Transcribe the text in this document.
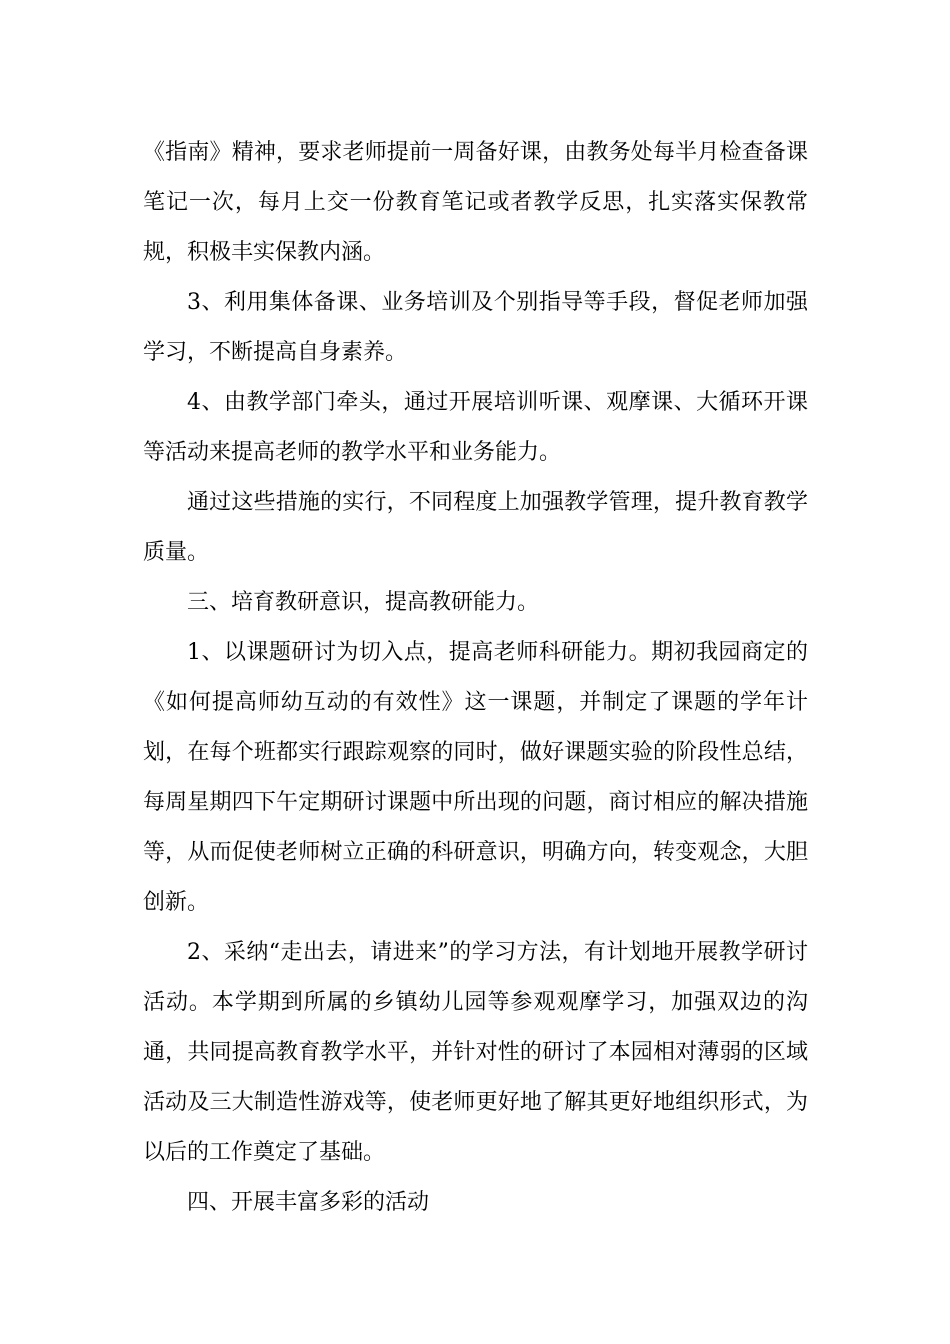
《指南》精神，要求老师提前一周备好课，由教务处每半月检查备课笔记一次，每月上交一份教育笔记或者教学反思，扎实落实保教常规，积极丰实保教内涵。

3、利用集体备课、业务培训及个别指导等手段，督促老师加强学习，不断提高自身素养。

4、由教学部门牵头，通过开展培训听课、观摩课、大循环开课等活动来提高老师的教学水平和业务能力。

通过这些措施的实行，不同程度上加强教学管理，提升教育教学质量。

三、培育教研意识，提高教研能力。

1、以课题研讨为切入点，提高老师科研能力。期初我园商定的《如何提高师幼互动的有效性》这一课题，并制定了课题的学年计划，在每个班都实行跟踪观察的同时，做好课题实验的阶段性总结，每周星期四下午定期研讨课题中所出现的问题，商讨相应的解决措施等，从而促使老师树立正确的科研意识，明确方向，转变观念，大胆创新。

2、采纳“走出去，请进来”的学习方法，有计划地开展教学研讨活动。本学期到所属的乡镇幼儿园等参观观摩学习，加强双边的沟通，共同提高教育教学水平，并针对性的研讨了本园相对薄弱的区域活动及三大制造性游戏等，使老师更好地了解其更好地组织形式，为以后的工作奠定了基础。

四、开展丰富多彩的活动
